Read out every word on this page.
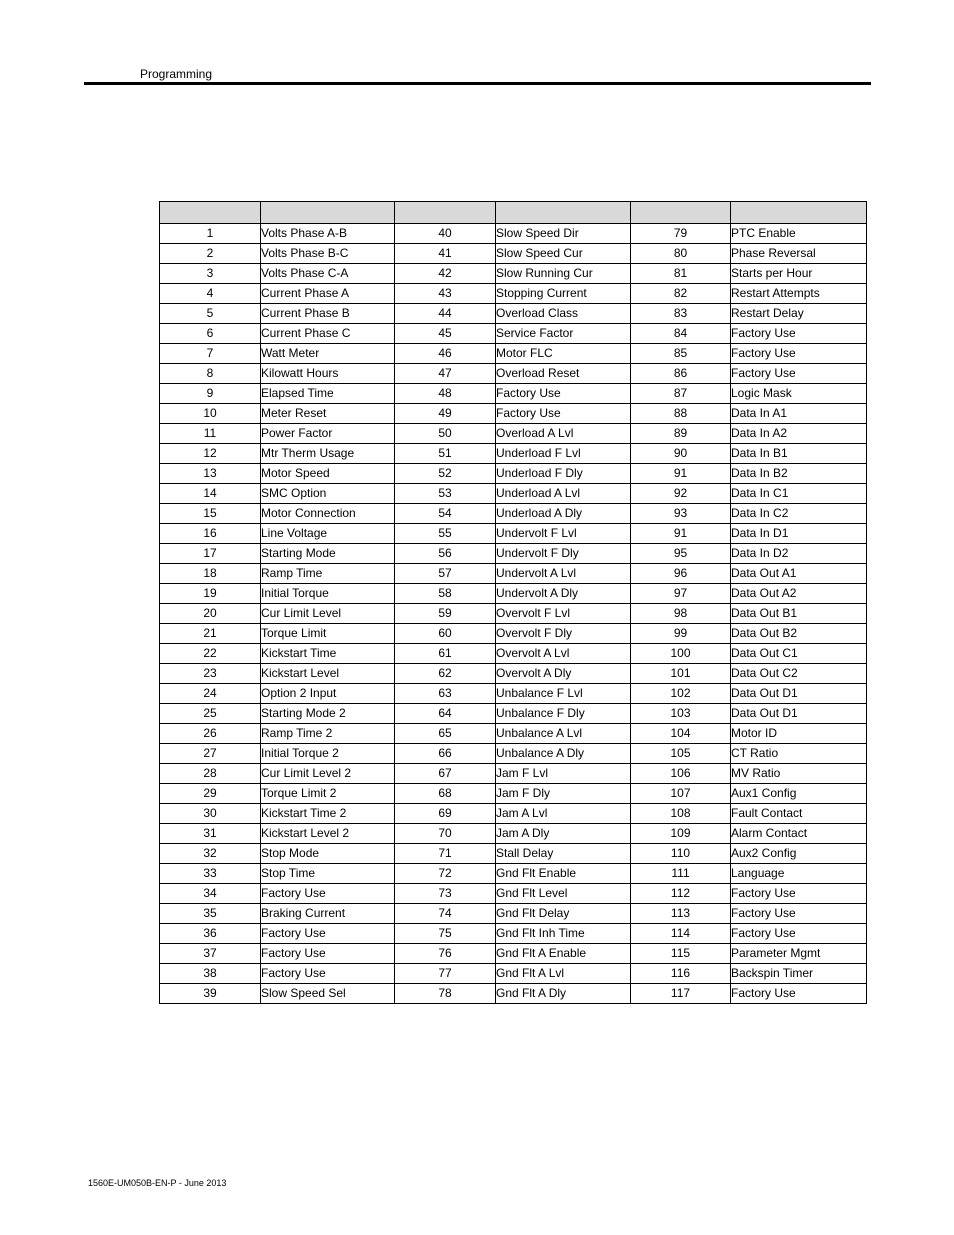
Programming

1	Volts Phase A-B	40	Slow Speed Dir	79	PTC Enable
2	Volts Phase B-C	41	Slow Speed Cur	80	Phase Reversal
3	Volts Phase C-A	42	Slow Running Cur	81	Starts per Hour
4	Current Phase A	43	Stopping Current	82	Restart Attempts
5	Current Phase B	44	Overload Class	83	Restart Delay
6	Current Phase C	45	Service Factor	84	Factory Use
7	Watt Meter	46	Motor FLC	85	Factory Use
8	Kilowatt Hours	47	Overload Reset	86	Factory Use
9	Elapsed Time	48	Factory Use	87	Logic Mask
10	Meter Reset	49	Factory Use	88	Data In A1
11	Power Factor	50	Overload A Lvl	89	Data In A2
12	Mtr Therm Usage	51	Underload F Lvl	90	Data In B1
13	Motor Speed	52	Underload F Dly	91	Data In B2
14	SMC Option	53	Underload A Lvl	92	Data In C1
15	Motor Connection	54	Underload A Dly	93	Data In C2
16	Line Voltage	55	Undervolt F Lvl	91	Data In D1
17	Starting Mode	56	Undervolt F Dly	95	Data In D2
18	Ramp Time	57	Undervolt A Lvl	96	Data Out A1
19	Initial Torque	58	Undervolt A Dly	97	Data Out A2
20	Cur Limit Level	59	Overvolt F Lvl	98	Data Out B1
21	Torque Limit	60	Overvolt F Dly	99	Data Out B2
22	Kickstart Time	61	Overvolt A Lvl	100	Data Out C1
23	Kickstart Level	62	Overvolt A Dly	101	Data Out C2
24	Option 2 Input	63	Unbalance F Lvl	102	Data Out D1
25	Starting Mode 2	64	Unbalance F Dly	103	Data Out D1
26	Ramp Time 2	65	Unbalance A Lvl	104	Motor ID
27	Initial Torque 2	66	Unbalance A Dly	105	CT Ratio
28	Cur Limit Level 2	67	Jam F Lvl	106	MV Ratio
29	Torque Limit 2	68	Jam F Dly	107	Aux1 Config
30	Kickstart Time 2	69	Jam A Lvl	108	Fault Contact
31	Kickstart Level 2	70	Jam A Dly	109	Alarm Contact
32	Stop Mode	71	Stall Delay	110	Aux2 Config
33	Stop Time	72	Gnd Flt Enable	111	Language
34	Factory Use	73	Gnd Flt Level	112	Factory Use
35	Braking Current	74	Gnd Flt Delay	113	Factory Use
36	Factory Use	75	Gnd Flt Inh Time	114	Factory Use
37	Factory Use	76	Gnd Flt A Enable	115	Parameter Mgmt
38	Factory Use	77	Gnd Flt A Lvl	116	Backspin Timer
39	Slow Speed Sel	78	Gnd Flt A Dly	117	Factory Use
1560E-UM050B-EN-P - June 2013
